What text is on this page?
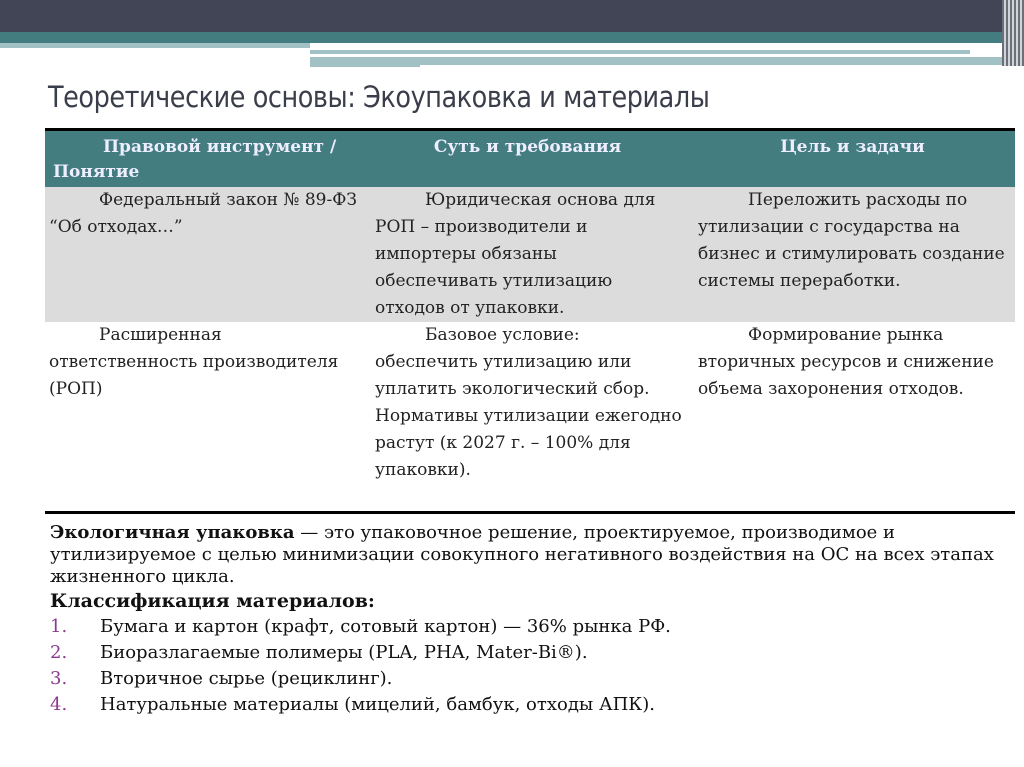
Теоретические основы: Экоупаковка и материалы
Правовой инструмент / Понятие	Суть и требования	Цель и задачи
Федеральный закон № 89-ФЗ “Об отходах…”	Юридическая основа для РОП – производители и импортеры обязаны обеспечивать утилизацию отходов от упаковки.	Переложить расходы по утилизации с государства на бизнес и стимулировать создание системы переработки.
Расширенная ответственность производителя (РОП)	Базовое условие: обеспечить утилизацию или уплатить экологический сбор. Нормативы утилизации ежегодно растут (к 2027 г. – 100% для упаковки).	Формирование рынка вторичных ресурсов и снижение объема захоронения отходов.

Экологичная упаковка — это упаковочное решение, проектируемое, производимое и утилизируемое с целью минимизации совокупного негативного воздействия на ОС на всех этапах жизненного цикла.

Классификация материалов:

1. Бумага и картон (крафт, сотовый картон) — 36% рынка РФ.
2. Биоразлагаемые полимеры (PLA, PHA, Mater-Bi®).
3. Вторичное сырье (рециклинг).
4. Натуральные материалы (мицелий, бамбук, отходы АПК).
